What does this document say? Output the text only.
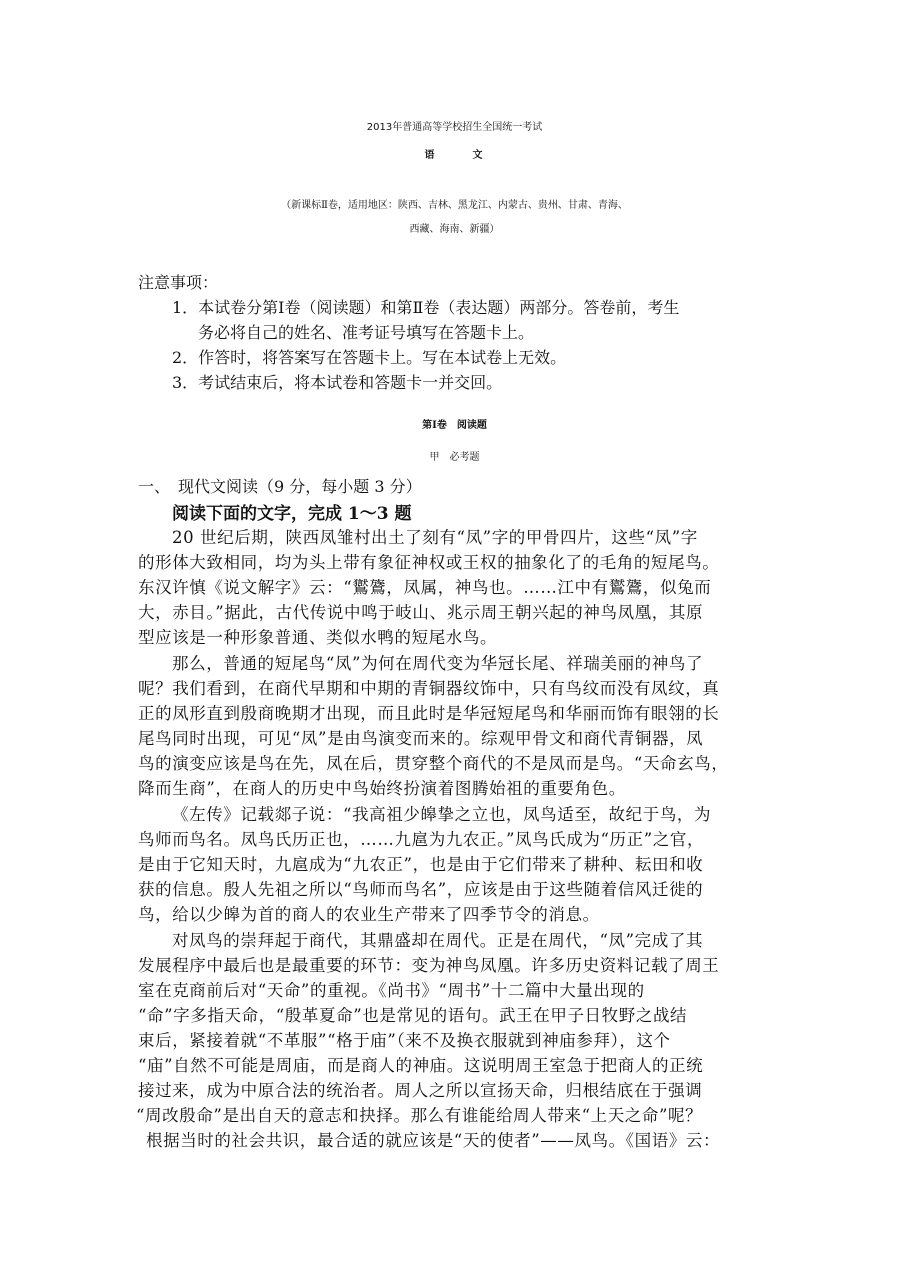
2013年普通高等学校招生全国统一考试
语	文
（新课标Ⅱ卷，适用地区：陕西、吉林、黑龙江、内蒙古、贵州、甘肃、青海、
西藏、海南、新疆）
注意事项：
1．本试卷分第Ⅰ卷（阅读题）和第Ⅱ卷（表达题）两部分。答卷前，考生
务必将自己的姓名、准考证号填写在答题卡上。
2．作答时，将答案写在答题卡上。写在本试卷上无效。
3．考试结束后，将本试卷和答题卡一并交回。
第Ⅰ卷　阅读题
甲　必考题
一、　现代文阅读（9 分，每小题 3 分）
阅读下面的文字，完成 1～3 题
20 世纪后期，陕西凤雏村出土了刻有“凤”字的甲骨四片，这些“凤”字
的形体大致相同，均为头上带有象征神权或王权的抽象化了的毛角的短尾鸟。
东汉许慎《说文解字》云：“鸑鷟，凤属，神鸟也。……江中有鸑鷟，似兔而
大，赤目。”据此，古代传说中鸣于岐山、兆示周王朝兴起的神鸟凤凰，其原
型应该是一种形象普通、类似水鸭的短尾水鸟。
那么，普通的短尾鸟“凤”为何在周代变为华冠长尾、祥瑞美丽的神鸟了
呢？我们看到，在商代早期和中期的青铜器纹饰中，只有鸟纹而没有凤纹，真
正的凤形直到殷商晚期才出现，而且此时是华冠短尾鸟和华丽而饰有眼翎的长
尾鸟同时出现，可见“凤”是由鸟演变而来的。综观甲骨文和商代青铜器，凤
鸟的演变应该是鸟在先，凤在后，贯穿整个商代的不是凤而是鸟。“天命玄鸟，
降而生商”，在商人的历史中鸟始终扮演着图腾始祖的重要角色。
《左传》记载郯子说：“我高祖少皞挚之立也，凤鸟适至，故纪于鸟，为
鸟师而鸟名。凤鸟氏历正也，……九扈为九农正。”凤鸟氏成为“历正”之官，
是由于它知天时，九扈成为“九农正”，也是由于它们带来了耕种、耘田和收
获的信息。殷人先祖之所以“鸟师而鸟名”，应该是由于这些随着信风迁徙的
鸟，给以少皞为首的商人的农业生产带来了四季节令的消息。
对凤鸟的崇拜起于商代，其鼎盛却在周代。正是在周代，“凤”完成了其
发展程序中最后也是最重要的环节：变为神鸟凤凰。许多历史资料记载了周王
室在克商前后对“天命”的重视。《尚书》“周书”十二篇中大量出现的
“命”字多指天命，“殷革夏命”也是常见的语句。武王在甲子日牧野之战结
束后，紧接着就“不革服”“格于庙”（来不及换衣服就到神庙参拜），这个
“庙”自然不可能是周庙，而是商人的神庙。这说明周王室急于把商人的正统
接过来，成为中原合法的统治者。周人之所以宣扬天命，归根结底在于强调
“周改殷命”是出自天的意志和抉择。那么有谁能给周人带来“上天之命”呢？
根据当时的社会共识，最合适的就应该是“天的使者”——凤鸟。《国语》云：
